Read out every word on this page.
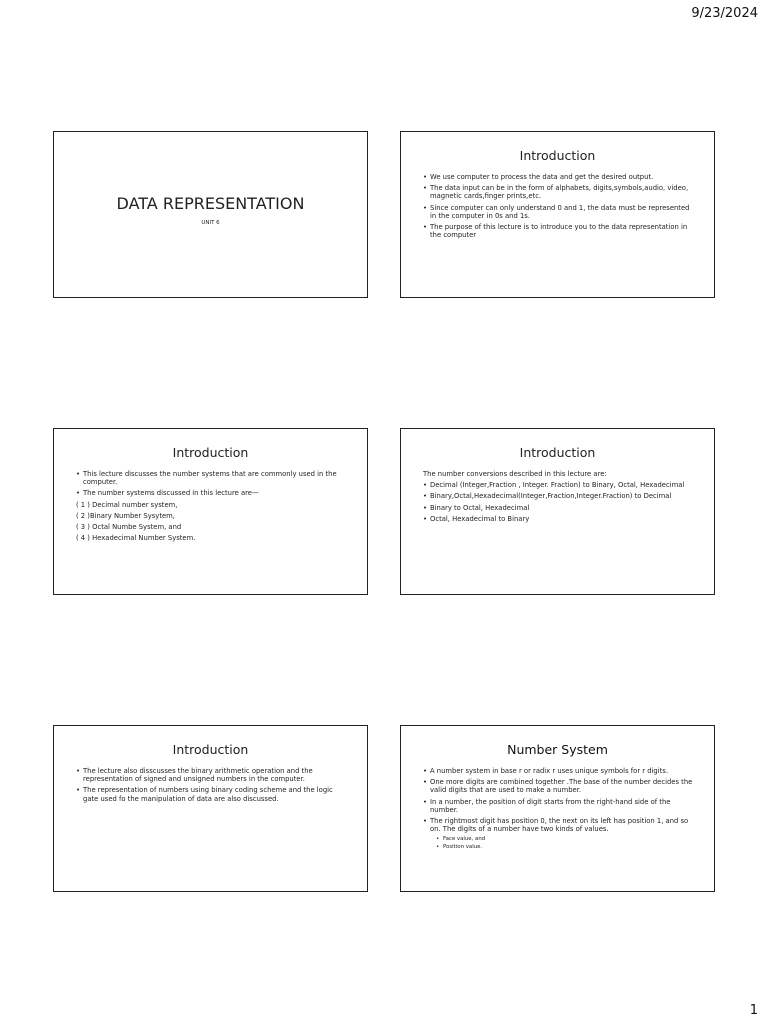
9/23/2024
DATA REPRESENTATION
UNIT 6
Introduction
• We use computer to process the data and get the desired output.
• The data input can be in the form of alphabets, digits,symbols,audio, video, magnetic cards,finger prints,etc.
• Since computer can only understand 0 and 1, the data must be represented in the computer in 0s and 1s.
• The purpose of this lecture is to introduce you to the data representation in the computer
Introduction
• This lecture discusses the number systems that are commonly used in the computer.
• The number systems discussed in this lecture are—
( 1 ) Decimal number system,
( 2 )Binary Number Sysytem,
( 3 ) Octal Numbe System, and
( 4 ) Hexadecimal Number System.
Introduction
The number conversions described in this lecture are:
• Decimal (Integer,Fraction , Integer. Fraction) to Binary, Octal, Hexadecimal
• Binary,Octal,Hexadecimal(Integer,Fraction,Integer.Fraction) to Decimal
• Binary to Octal, Hexadecimal
• Octal, Hexadecimal to Binary
Introduction
• The lecture also disscusses the binary arithmetic operation and the representation of signed and unsigned numbers in the computer.
• The representation of numbers using binary coding scheme and the logic gate used fo the manipulation of data are also discussed.
Number System
• A number system in base r or radix r uses unique symbols for r digits.
• One more digits are combined together .The base of the number decides the valid digits that are used to make a number.
• In a number, the position of digit starts from the right-hand side of the number.
• The rightmost digit has position 0, the next on its left has position 1, and so on. The digits of a number have two kinds of values.
• Face value, and
• Position value.
1
